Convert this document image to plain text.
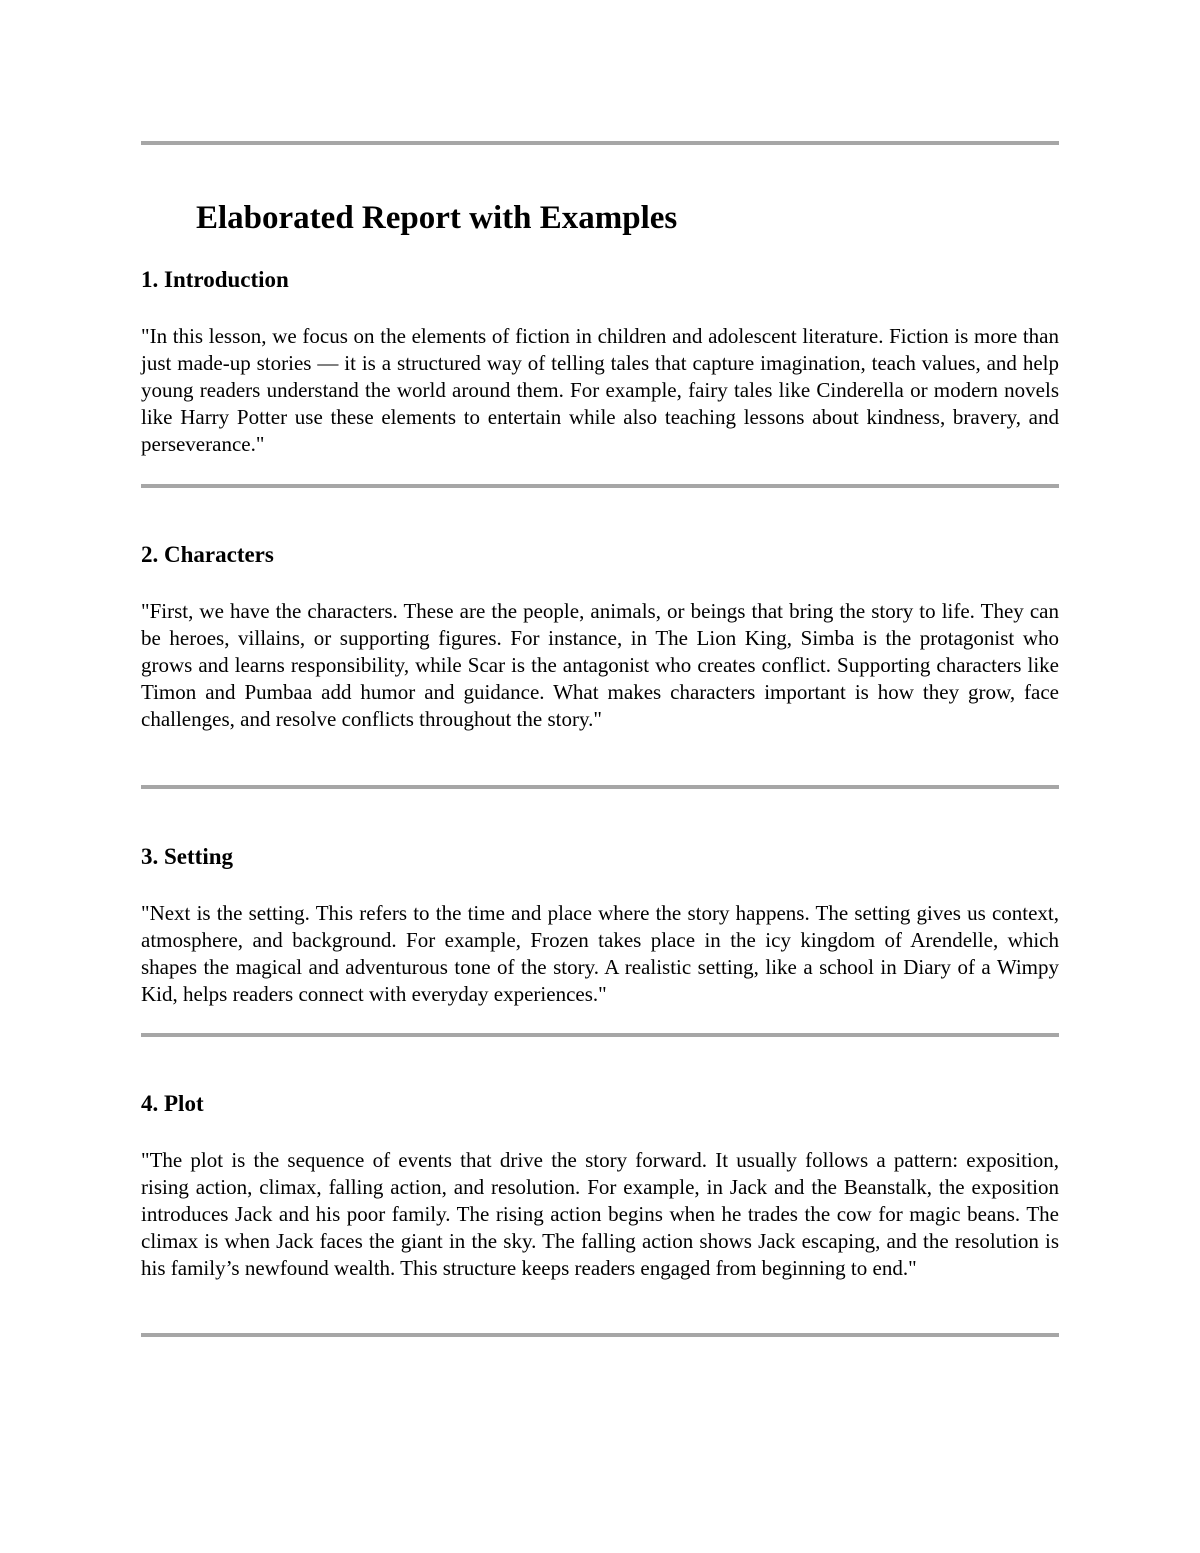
Elaborated Report with Examples
1. Introduction

"In this lesson, we focus on the elements of fiction in children and adolescent literature. Fiction is more than just made-up stories — it is a structured way of telling tales that capture imagination, teach values, and help young readers understand the world around them. For example, fairy tales like Cinderella or modern novels like Harry Potter use these elements to entertain while also teaching lessons about kindness, bravery, and perseverance."

2. Characters

"First, we have the characters. These are the people, animals, or beings that bring the story to life. They can be heroes, villains, or supporting figures. For instance, in The Lion King, Simba is the protagonist who grows and learns responsibility, while Scar is the antagonist who creates conflict. Supporting characters like Timon and Pumbaa add humor and guidance. What makes characters important is how they grow, face challenges, and resolve conflicts throughout the story."

3. Setting

"Next is the setting. This refers to the time and place where the story happens. The setting gives us context, atmosphere, and background. For example, Frozen takes place in the icy kingdom of Arendelle, which shapes the magical and adventurous tone of the story. A realistic setting, like a school in Diary of a Wimpy Kid, helps readers connect with everyday experiences."

4. Plot

"The plot is the sequence of events that drive the story forward. It usually follows a pattern: exposition, rising action, climax, falling action, and resolution. For example, in Jack and the Beanstalk, the exposition introduces Jack and his poor family. The rising action begins when he trades the cow for magic beans. The climax is when Jack faces the giant in the sky. The falling action shows Jack escaping, and the resolution is his family’s newfound wealth. This structure keeps readers engaged from beginning to end."
